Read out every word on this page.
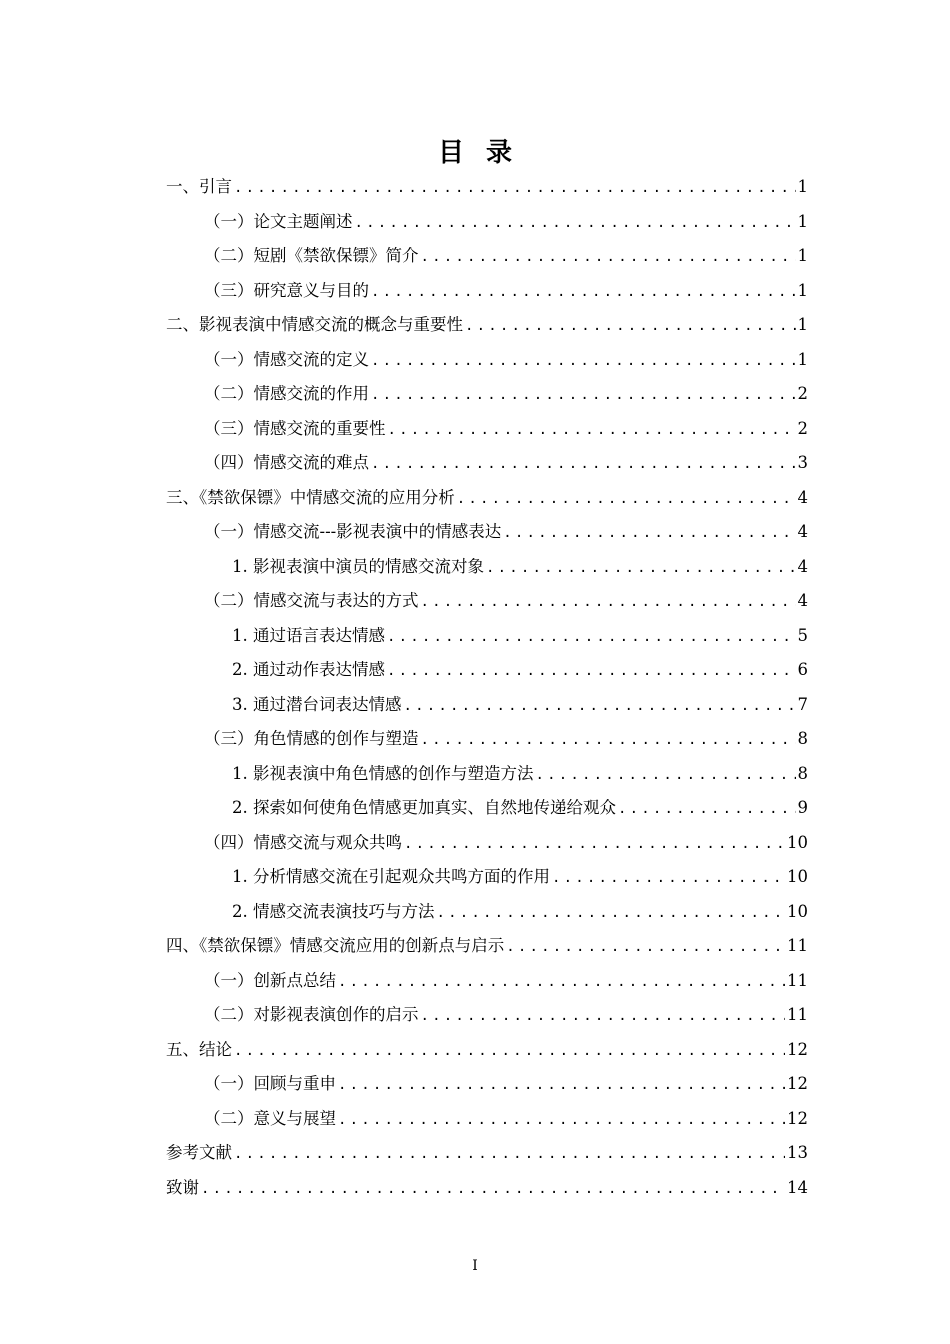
目录
一、引言 .....	1
（一）论文主题阐述 .....	1
（二）短剧《禁欲保镖》简介 .....	1
（三）研究意义与目的 .....	1
二、影视表演中情感交流的概念与重要性 .....	1
（一）情感交流的定义 .....	1
（二）情感交流的作用 .....	2
（三）情感交流的重要性 .....	2
（四）情感交流的难点 .....	3
三、《禁欲保镖》中情感交流的应用分析 .....	4
（一）情感交流---影视表演中的情感表达 .....	4
1. 影视表演中演员的情感交流对象 .....	4
（二）情感交流与表达的方式 .....	4
1. 通过语言表达情感 .....	5
2. 通过动作表达情感 .....	6
3. 通过潜台词表达情感 .....	7
（三）角色情感的创作与塑造 .....	8
1. 影视表演中角色情感的创作与塑造方法 .....	8
2. 探索如何使角色情感更加真实、自然地传递给观众 .....	9
（四）情感交流与观众共鸣 .....	10
1. 分析情感交流在引起观众共鸣方面的作用 .....	10
2. 情感交流表演技巧与方法 .....	10
四、《禁欲保镖》情感交流应用的创新点与启示 .....	11
（一）创新点总结 .....	11
（二）对影视表演创作的启示 .....	11
五、结论 .....	12
（一）回顾与重申 .....	12
（二）意义与展望 .....	12
参考文献 .....	13
致谢 .....	14
I
